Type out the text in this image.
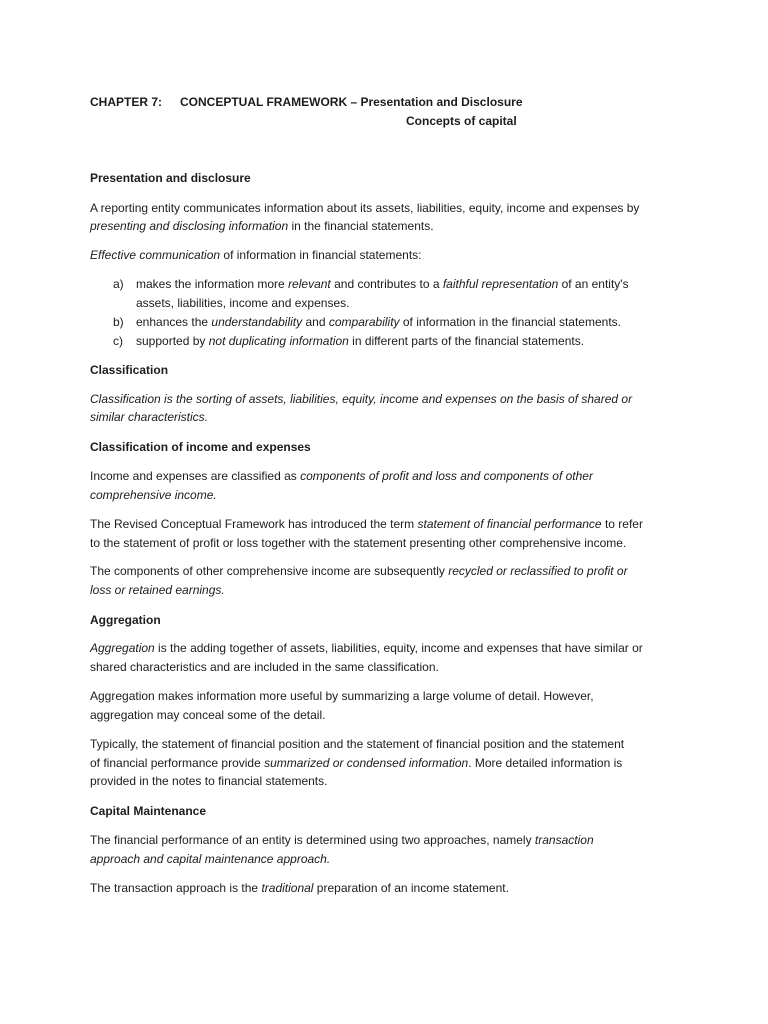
CHAPTER 7: CONCEPTUAL FRAMEWORK – Presentation and Disclosure
Concepts of capital

Presentation and disclosure

A reporting entity communicates information about its assets, liabilities, equity, income and expenses by

presenting and disclosing information in the financial statements.

Effective communication of information in financial statements:

a) makes the information more relevant and contributes to a faithful representation of an entity's

assets, liabilities, income and expenses.

b) enhances the understandability and comparability of information in the financial statements.

c) supported by not duplicating information in different parts of the financial statements.

Classification

Classification is the sorting of assets, liabilities, equity, income and expenses on the basis of shared or

similar characteristics.

Classification of income and expenses

Income and expenses are classified as components of profit and loss and components of other

comprehensive income.

The Revised Conceptual Framework has introduced the term statement of financial performance to refer

to the statement of profit or loss together with the statement presenting other comprehensive income.

The components of other comprehensive income are subsequently recycled or reclassified to profit or

loss or retained earnings.

Aggregation

Aggregation is the adding together of assets, liabilities, equity, income and expenses that have similar or

shared characteristics and are included in the same classification.

Aggregation makes information more useful by summarizing a large volume of detail. However,

aggregation may conceal some of the detail.

Typically, the statement of financial position and the statement of financial position and the statement

of financial performance provide summarized or condensed information. More detailed information is

provided in the notes to financial statements.

Capital Maintenance

The financial performance of an entity is determined using two approaches, namely transaction

approach and capital maintenance approach.

The transaction approach is the traditional preparation of an income statement.
